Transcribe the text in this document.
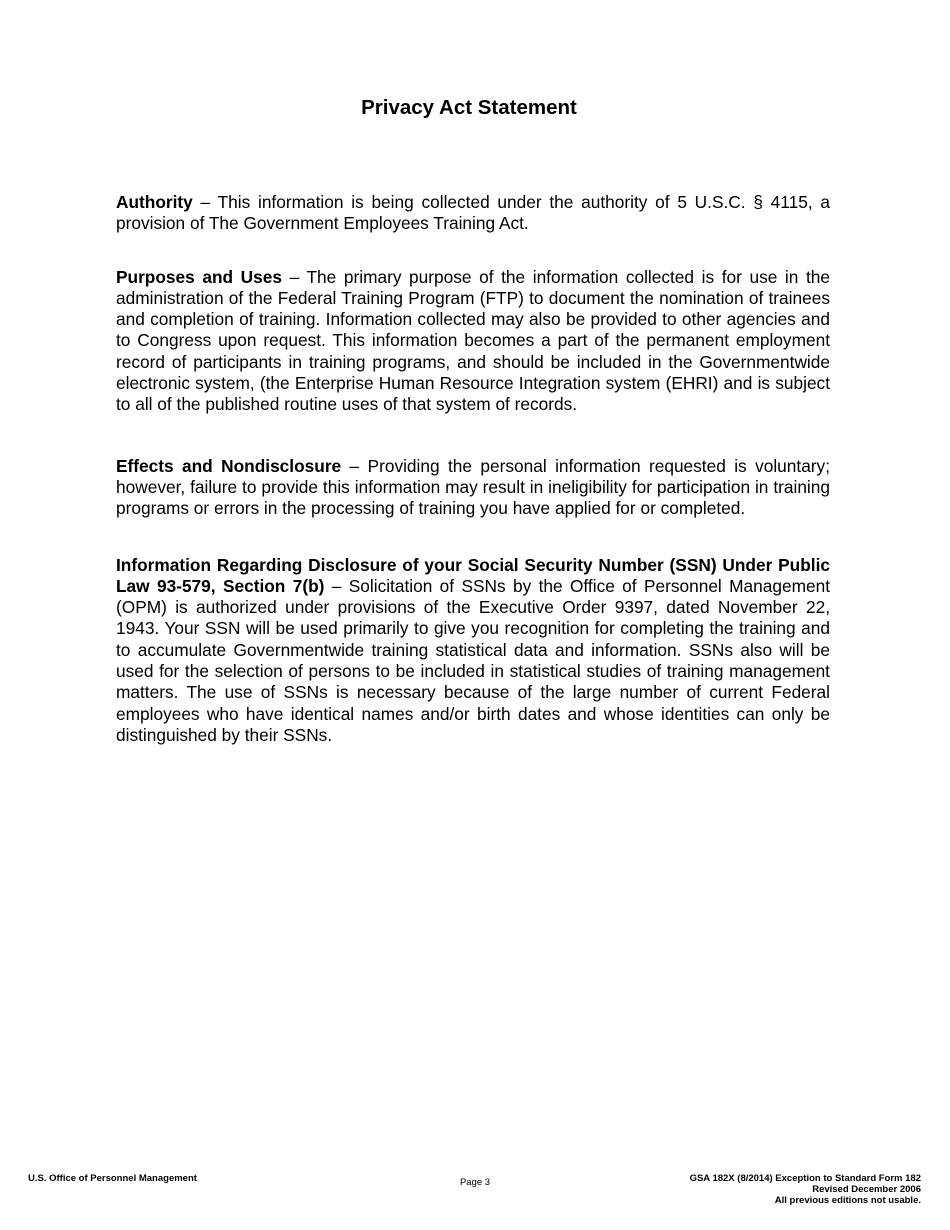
Privacy Act Statement

Authority – This information is being collected under the authority of 5 U.S.C. § 4115, a provision of The Government Employees Training Act.

Purposes and Uses – The primary purpose of the information collected is for use in the administration of the Federal Training Program (FTP) to document the nomination of trainees and completion of training. Information collected may also be provided to other agencies and to Congress upon request. This information becomes a part of the permanent employment record of participants in training programs, and should be included in the Governmentwide electronic system, (the Enterprise Human Resource Integration system (EHRI) and is subject to all of the published routine uses of that system of records.

Effects and Nondisclosure – Providing the personal information requested is voluntary; however, failure to provide this information may result in ineligibility for participation in training programs or errors in the processing of training you have applied for or completed.

Information Regarding Disclosure of your Social Security Number (SSN) Under Public Law 93-579, Section 7(b) – Solicitation of SSNs by the Office of Personnel Management (OPM) is authorized under provisions of the Executive Order 9397, dated November 22, 1943. Your SSN will be used primarily to give you recognition for completing the training and to accumulate Governmentwide training statistical data and information. SSNs also will be used for the selection of persons to be included in statistical studies of training management matters. The use of SSNs is necessary because of the large number of current Federal employees who have identical names and/or birth dates and whose identities can only be distinguished by their SSNs.

U.S. Office of Personnel Management	Page 3	GSA 182X (8/2014) Exception to Standard Form 182
Revised December 2006
All previous editions not usable.
